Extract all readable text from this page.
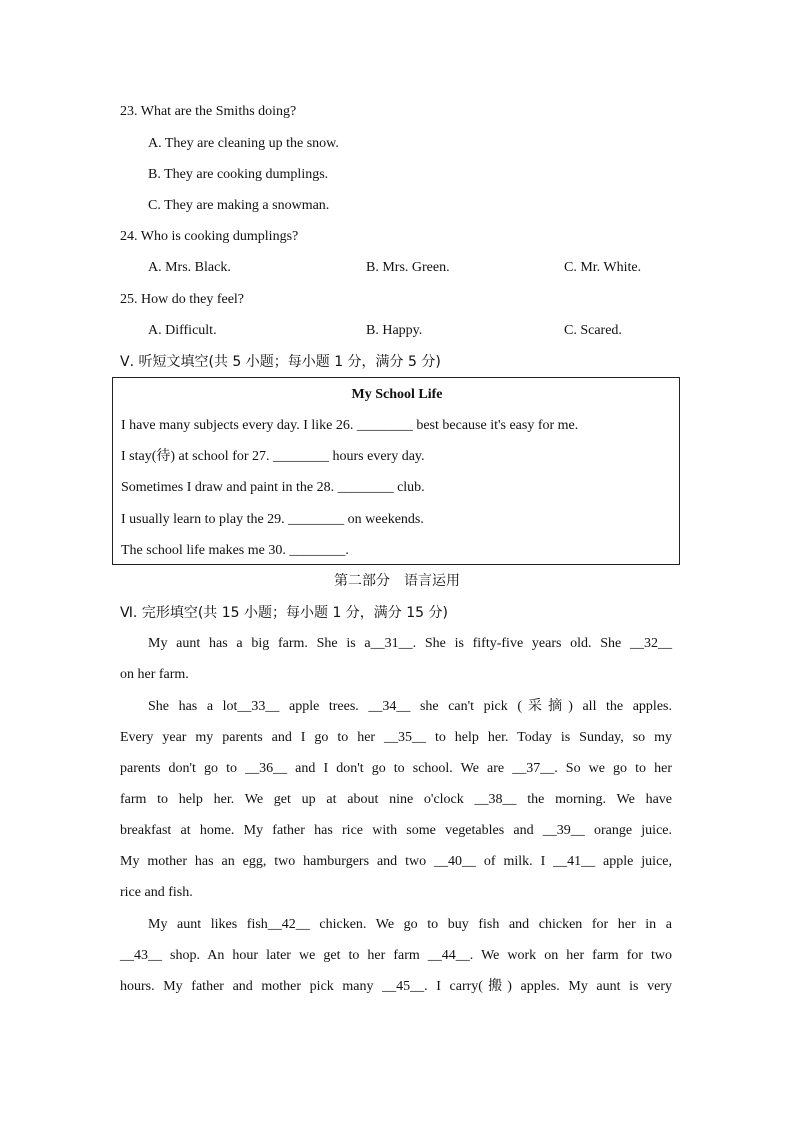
23. What are the Smiths doing?
A. They are cleaning up the snow.
B. They are cooking dumplings.
C. They are making a snowman.
24. Who is cooking dumplings?
A. Mrs. Black.	B. Mrs. Green.	C. Mr. White.
25. How do they feel?
A. Difficult.	B. Happy.	C. Scared.
Ⅴ. 听短文填空(共 5 小题；每小题 1 分，满分 5 分)
My School Life
I have many subjects every day. I like 26. ________ best because it's easy for me.
I stay(待) at school for 27. ________ hours every day.
Sometimes I draw and paint in the 28. ________ club.
I usually learn to play the 29. ________ on weekends.
The school life makes me 30. ________.
第二部分　语言运用
Ⅵ. 完形填空(共 15 小题；每小题 1 分，满分 15 分)
My aunt has a big farm. She is a__31__. She is fifty-five years old. She __32__
on her farm.
She has a lot__33__ apple trees. __34__ she can't pick (采摘) all the apples.
Every year my parents and I go to her __35__ to help her. Today is Sunday, so my
parents don't go to __36__ and I don't go to school. We are __37__. So we go to her
farm to help her. We get up at about nine o'clock __38__ the morning. We have
breakfast at home. My father has rice with some vegetables and __39__ orange juice.
My mother has an egg, two hamburgers and two __40__ of milk. I __41__ apple juice,
rice and fish.
My aunt likes fish__42__ chicken. We go to buy fish and chicken for her in a
__43__ shop. An hour later we get to her farm __44__. We work on her farm for two
hours. My father and mother pick many __45__. I carry(搬) apples. My aunt is very
